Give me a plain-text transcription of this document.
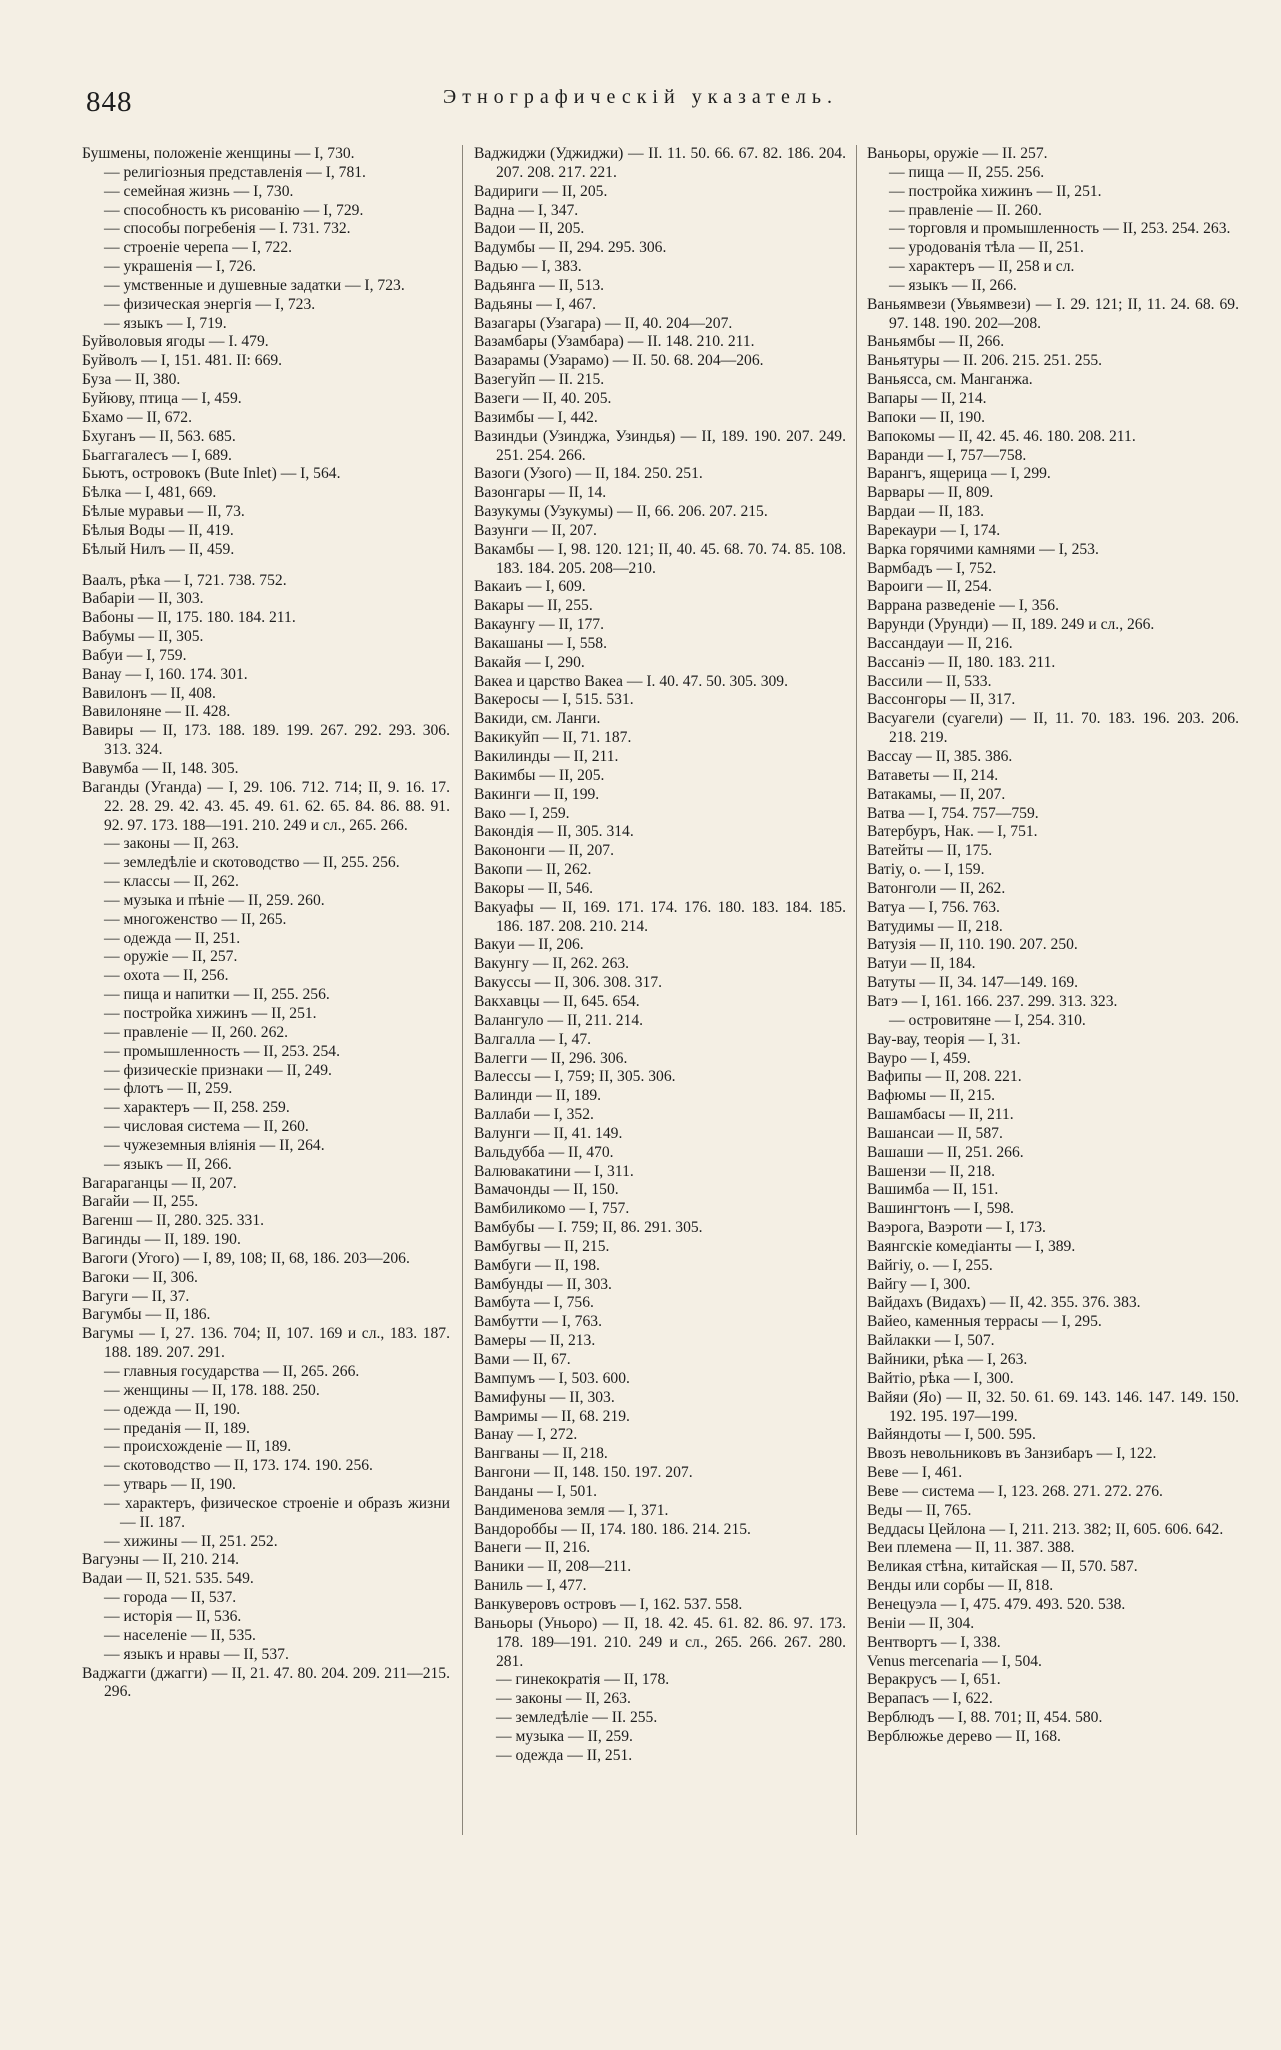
848	Этнографическій указатель.
Бушмены, положеніе женщины — I, 730.
— религіозныя представленія — I, 781.
— семейная жизнь — I, 730.
— способность къ рисованію — I, 729.
— способы погребенія — I. 731. 732.
— строеніе черепа — I, 722.
— украшенія — I, 726.
— умственные и душевные задатки — I, 723.
— физическая энергія — I, 723.
— языкъ — I, 719.
Буйволовыя ягоды — I. 479.
Буйволъ — I, 151. 481. II: 669.
Буза — II, 380.
Буйюву, птица — I, 459.
Бхамо — II, 672.
Бхуганъ — II, 563. 685.
Бьаггагалесъ — I, 689.
Бьютъ, островокъ (Bute Inlet) — I, 564.
Бѣлка — I, 481, 669.
Бѣлые муравьи — II, 73.
Бѣлыя Воды — II, 419.
Бѣлый Нилъ — II, 459.
Ваалъ, рѣка — I, 721. 738. 752.
Вабаріи — II, 303.
Вабоны — II, 175. 180. 184. 211.
Вабумы — II, 305.
Вабуи — I, 759.
Ванау — I, 160. 174. 301.
Вавилонъ — II, 408.
Вавилоняне — II. 428.
Вавиры — II, 173. 188. 189. 199. 267. 292. 293. 306. 313. 324.
Вавумба — II, 148. 305.
Ваганды (Уганда) — I, 29. 106. 712. 714; II, 9. 16. 17. 22. 28. 29. 42. 43. 45. 49. 61. 62. 65. 84. 86. 88. 91. 92. 97. 173. 188—191. 210. 249 и сл., 265. 266.
— законы — II, 263.
— земледѣліе и скотоводство — II, 255. 256.
— классы — II, 262.
— музыка и пѣніе — II, 259. 260.
— многоженство — II, 265.
— одежда — II, 251.
— оружіе — II, 257.
— охота — II, 256.
— пища и напитки — II, 255. 256.
— постройка хижинъ — II, 251.
— правленіе — II, 260. 262.
— промышленность — II, 253. 254.
— физическіе признаки — II, 249.
— флотъ — II, 259.
— характеръ — II, 258. 259.
— числовая система — II, 260.
— чужеземныя вліянія — II, 264.
— языкъ — II, 266.
Вагараганцы — II, 207.
Вагайи — II, 255.
Вагенш — II, 280. 325. 331.
Вагинды — II, 189. 190.
Вагоги (Угого) — I, 89, 108; II, 68, 186. 203—206.
Вагоки — II, 306.
Вагуги — II, 37.
Вагумбы — II, 186.
Вагумы — I, 27. 136. 704; II, 107. 169 и сл., 183. 187. 188. 189. 207. 291.
— главныя государства — II, 265. 266.
— женщины — II, 178. 188. 250.
— одежда — II, 190.
— преданія — II, 189.
— происхожденіе — II, 189.
— скотоводство — II, 173. 174. 190. 256.
— утварь — II, 190.
— характеръ, физическое строеніе и образъ жизни — II. 187.
— хижины — II, 251. 252.
Вагуэны — II, 210. 214.
Вадаи — II, 521. 535. 549.
— города — II, 537.
— исторія — II, 536.
— населеніе — II, 535.
— языкъ и нравы — II, 537.
Ваджагги (джагги) — II, 21. 47. 80. 204. 209. 211—215. 296.
Ваджиджи (Уджиджи) — II. 11. 50. 66. 67. 82. 186. 204. 207. 208. 217. 221.
Вадириги — II, 205.
Вадна — I, 347.
Вадои — II, 205.
Вадумбы — II, 294. 295. 306.
Вадью — I, 383.
Вадьянга — II, 513.
Вадьяны — I, 467.
Вазагары (Узагара) — II, 40. 204—207.
Вазамбары (Узамбара) — II. 148. 210. 211.
Вазарамы (Узарамо) — II. 50. 68. 204—206.
Вазегуйп — II. 215.
Вазеги — II, 40. 205.
Вазимбы — I, 442.
Вазиндьи (Узинджа, Узиндья) — II, 189. 190. 207. 249. 251. 254. 266.
Вазоги (Узого) — II, 184. 250. 251.
Вазонгары — II, 14.
Вазукумы (Узукумы) — II, 66. 206. 207. 215.
Вазунги — II, 207.
Вакамбы — I, 98. 120. 121; II, 40. 45. 68. 70. 74. 85. 108. 183. 184. 205. 208—210.
Вакаиъ — I, 609.
Вакары — II, 255.
Вакаунгу — II, 177.
Вакашаны — I, 558.
Вакайя — I, 290.
Вакеа и царство Вакеа — I. 40. 47. 50. 305. 309.
Вакеросы — I, 515. 531.
Вакиди, см. Ланги.
Вакикуйп — II, 71. 187.
Вакилинды — II, 211.
Вакимбы — II, 205.
Вакинги — II, 199.
Вако — I, 259.
Вакондія — II, 305. 314.
Вакононги — II, 207.
Вакопи — II, 262.
Вакоры — II, 546.
Вакуафы — II, 169. 171. 174. 176. 180. 183. 184. 185. 186. 187. 208. 210. 214.
Вакуи — II, 206.
Вакунгу — II, 262. 263.
Вакуссы — II, 306. 308. 317.
Вакхавцы — II, 645. 654.
Валангуло — II, 211. 214.
Валгалла — I, 47.
Валегги — II, 296. 306.
Валессы — I, 759; II, 305. 306.
Валинди — II, 189.
Валлаби — I, 352.
Валунги — II, 41. 149.
Вальдубба — II, 470.
Валювакатини — I, 311.
Вамачонды — II, 150.
Вамбиликомо — I, 757.
Вамбубы — I. 759; II, 86. 291. 305.
Вамбугвы — II, 215.
Вамбуги — II, 198.
Вамбунды — II, 303.
Вамбута — I, 756.
Вамбутти — I, 763.
Вамеры — II, 213.
Вами — II, 67.
Вампумъ — I, 503. 600.
Вамифуны — II, 303.
Вамримы — II, 68. 219.
Ванау — I, 272.
Вангваны — II, 218.
Вангони — II, 148. 150. 197. 207.
Ванданы — I, 501.
Вандименова земля — I, 371.
Вандороббы — II, 174. 180. 186. 214. 215.
Ванеги — II, 216.
Ваники — II, 208—211.
Ваниль — I, 477.
Ванкуверовъ островъ — I, 162. 537. 558.
Ваньоры (Уньоро) — II, 18. 42. 45. 61. 82. 86. 97. 173. 178. 189—191. 210. 249 и сл., 265. 266. 267. 280. 281.
— гинекократія — II, 178.
— законы — II, 263.
— земледѣліе — II. 255.
— музыка — II, 259.
— одежда — II, 251.
Ваньоры, оружіе — II. 257.
— пища — II, 255. 256.
— постройка хижинъ — II, 251.
— правленіе — II. 260.
— торговля и промышленность — II, 253. 254. 263.
— уродованія тѣла — II, 251.
— характеръ — II, 258 и сл.
— языкъ — II, 266.
Ваньямвези (Увьямвези) — I. 29. 121; II, 11. 24. 68. 69. 97. 148. 190. 202—208.
Ваньямбы — II, 266.
Ваньятуры — II. 206. 215. 251. 255.
Ваньясса, см. Манганжа.
Вапары — II, 214.
Вапоки — II, 190.
Вапокомы — II, 42. 45. 46. 180. 208. 211.
Варанди — I, 757—758.
Варангъ, ящерица — I, 299.
Варвары — II, 809.
Вардаи — II, 183.
Варекаури — I, 174.
Варка горячими камнями — I, 253.
Вармбадъ — I, 752.
Вароиги — II, 254.
Варрана разведеніе — I, 356.
Варунди (Урунди) — II, 189. 249 и сл., 266.
Вассандауи — II, 216.
Вассаніэ — II, 180. 183. 211.
Вассили — II, 533.
Вассонгоры — II, 317.
Васуагели (суагели) — II, 11. 70. 183. 196. 203. 206. 218. 219.
Вассау — II, 385. 386.
Ватаветы — II, 214.
Ватакамы, — II, 207.
Ватва — I, 754. 757—759.
Ватербуръ, Нак. — I, 751.
Ватейты — II, 175.
Ватіу, о. — I, 159.
Ватонголи — II, 262.
Ватуа — I, 756. 763.
Ватудимы — II, 218.
Ватузія — II, 110. 190. 207. 250.
Ватуи — II, 184.
Ватуты — II, 34. 147—149. 169.
Ватэ — I, 161. 166. 237. 299. 313. 323.
— островитяне — I, 254. 310.
Вау-вау, теорія — I, 31.
Вауро — I, 459.
Вафипы — II, 208. 221.
Вафюмы — II, 215.
Вашамбасы — II, 211.
Вашансаи — II, 587.
Вашаши — II, 251. 266.
Вашензи — II, 218.
Вашимба — II, 151.
Вашингтонъ — I, 598.
Ваэрога, Ваэроти — I, 173.
Ваянгскіе комедіанты — I, 389.
Вайгіу, о. — I, 255.
Вайгу — I, 300.
Вайдахъ (Видахъ) — II, 42. 355. 376. 383.
Вайео, каменныя террасы — I, 295.
Вайлакки — I, 507.
Вайники, рѣка — I, 263.
Вайтіо, рѣка — I, 300.
Вайяи (Яо) — II, 32. 50. 61. 69. 143. 146. 147. 149. 150. 192. 195. 197—199.
Вайяндоты — I, 500. 595.
Ввозъ невольниковъ въ Занзибаръ — I, 122.
Веве — I, 461.
Веве — система — I, 123. 268. 271. 272. 276.
Веды — II, 765.
Веддасы Цейлона — I, 211. 213. 382; II, 605. 606. 642.
Веи племена — II, 11. 387. 388.
Великая стѣна, китайская — II, 570. 587.
Венды или сорбы — II, 818.
Венецуэла — I, 475. 479. 493. 520. 538.
Веніи — II, 304.
Вентвортъ — I, 338.
Venus mercenaria — I, 504.
Веракрусъ — I, 651.
Верапасъ — I, 622.
Верблюдъ — I, 88. 701; II, 454. 580.
Верблюжье дерево — II, 168.
